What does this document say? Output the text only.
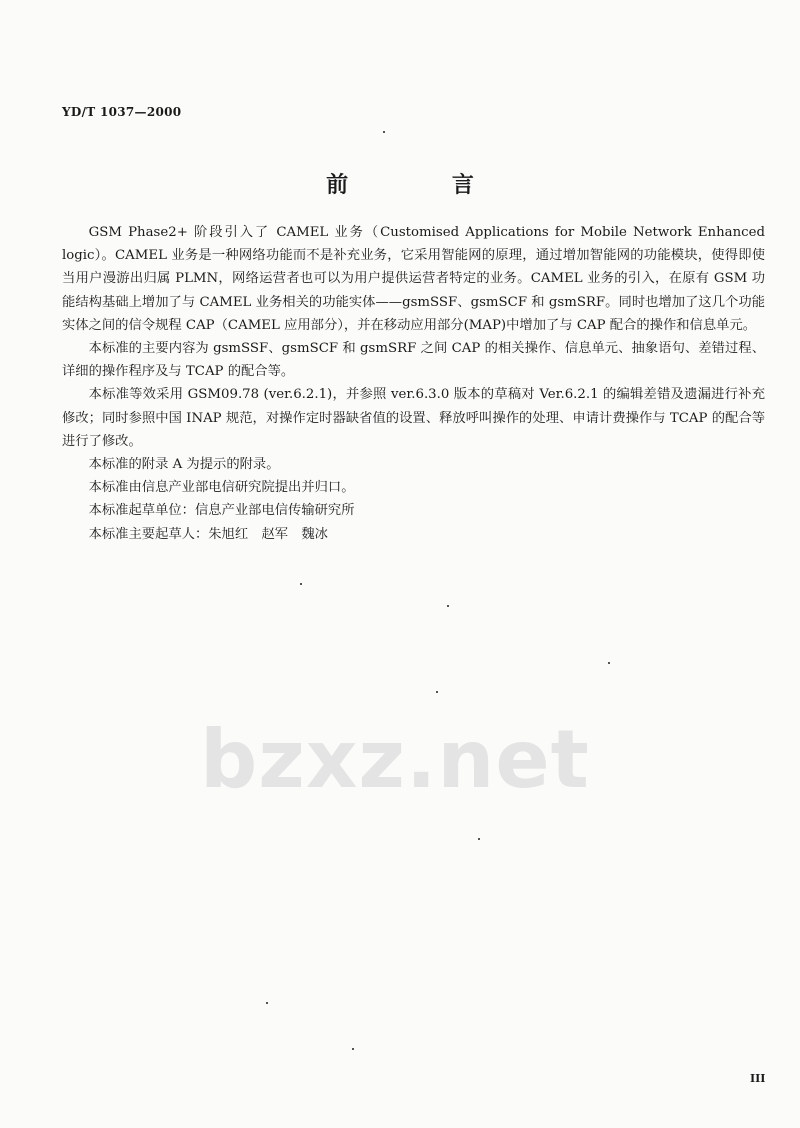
YD/T 1037—2000
前 言

GSM Phase2+ 阶段引入了 CAMEL 业务（Customised Applications for Mobile Network Enhanced logic）。CAMEL 业务是一种网络功能而不是补充业务，它采用智能网的原理，通过增加智能网的功能模块，使得即使当用户漫游出归属 PLMN，网络运营者也可以为用户提供运营者特定的业务。CAMEL 业务的引入，在原有 GSM 功能结构基础上增加了与 CAMEL 业务相关的功能实体——gsmSSF、gsmSCF 和 gsmSRF。同时也增加了这几个功能实体之间的信令规程 CAP（CAMEL 应用部分），并在移动应用部分(MAP)中增加了与 CAP 配合的操作和信息单元。

本标准的主要内容为 gsmSSF、gsmSCF 和 gsmSRF 之间 CAP 的相关操作、信息单元、抽象语句、差错过程、详细的操作程序及与 TCAP 的配合等。

本标准等效采用 GSM09.78 (ver.6.2.1)，并参照 ver.6.3.0 版本的草稿对 Ver.6.2.1 的编辑差错及遗漏进行补充修改；同时参照中国 INAP 规范，对操作定时器缺省值的设置、释放呼叫操作的处理、申请计费操作与 TCAP 的配合等进行了修改。

本标准的附录 A 为提示的附录。

本标准由信息产业部电信研究院提出并归口。

本标准起草单位：信息产业部电信传输研究所

本标准主要起草人：朱旭红　赵军　魏冰

bzxz.net
III
